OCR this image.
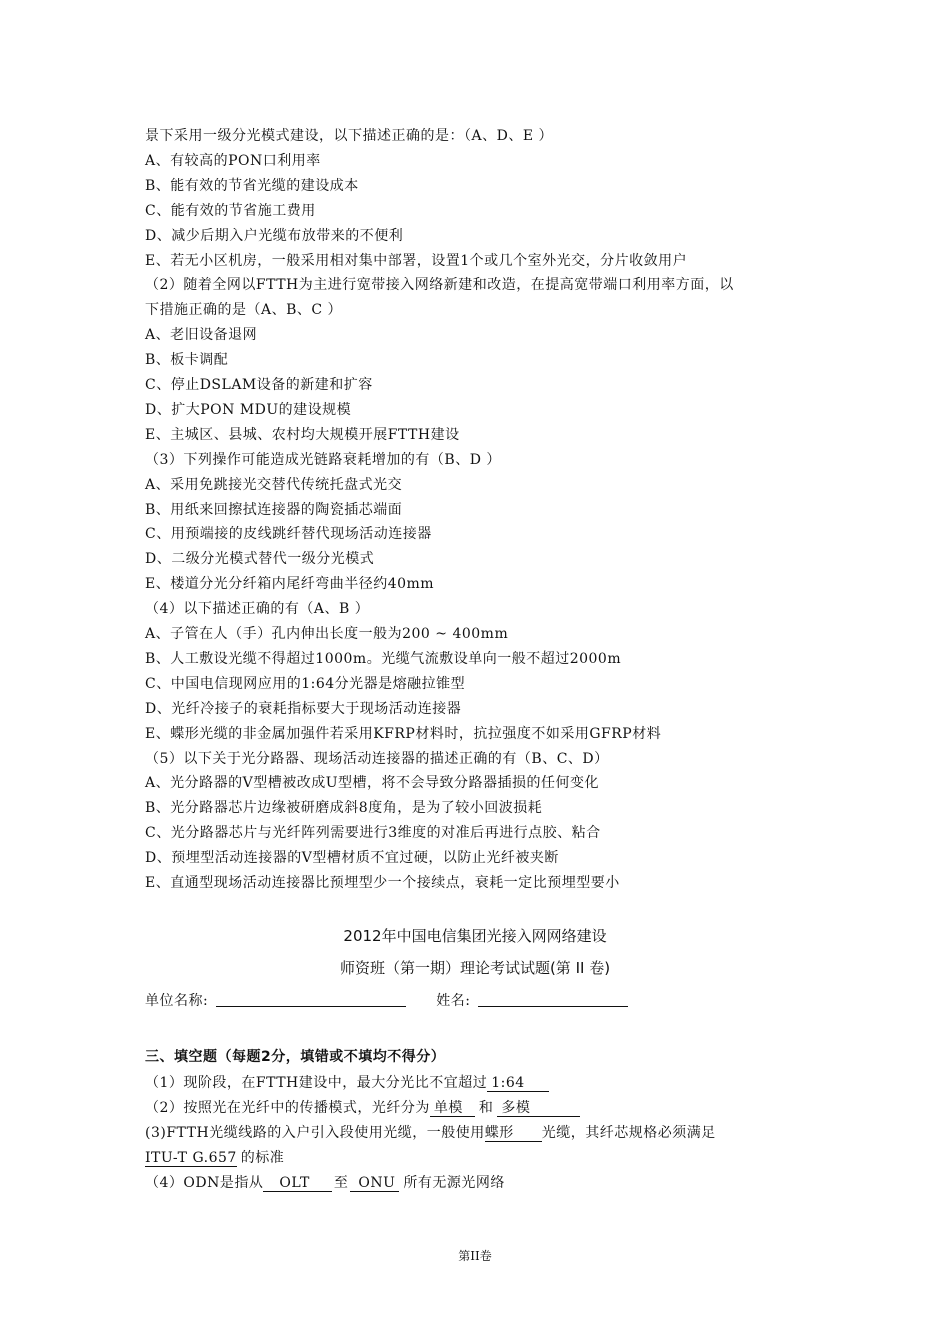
景下采用一级分光模式建设，以下描述正确的是：（A、D、E ）
A、有较高的PON口利用率
B、能有效的节省光缆的建设成本
C、能有效的节省施工费用
D、减少后期入户光缆布放带来的不便利
E、若无小区机房，一般采用相对集中部署，设置1个或几个室外光交，分片收敛用户
（2）随着全网以FTTH为主进行宽带接入网络新建和改造，在提高宽带端口利用率方面，以
下措施正确的是（A、B、C ）
A、老旧设备退网
B、板卡调配
C、停止DSLAM设备的新建和扩容
D、扩大PON MDU的建设规模
E、主城区、县城、农村均大规模开展FTTH建设
（3）下列操作可能造成光链路衰耗增加的有（B、D ）
A、采用免跳接光交替代传统托盘式光交
B、用纸来回擦拭连接器的陶瓷插芯端面
C、用预端接的皮线跳纤替代现场活动连接器
D、二级分光模式替代一级分光模式
E、楼道分光分纤箱内尾纤弯曲半径约40mm
（4）以下描述正确的有（A、B ）
A、子管在人（手）孔内伸出长度一般为200 ~ 400mm
B、人工敷设光缆不得超过1000m。光缆气流敷设单向一般不超过2000m
C、中国电信现网应用的1:64分光器是熔融拉锥型
D、光纤冷接子的衰耗指标要大于现场活动连接器
E、蝶形光缆的非金属加强件若采用KFRP材料时，抗拉强度不如采用GFRP材料
（5）以下关于光分路器、现场活动连接器的描述正确的有（B、C、D）
A、光分路器的V型槽被改成U型槽，将不会导致分路器插损的任何变化
B、光分路器芯片边缘被研磨成斜8度角，是为了较小回波损耗
C、光分路器芯片与光纤阵列需要进行3维度的对准后再进行点胶、粘合
D、预埋型活动连接器的V型槽材质不宜过硬，以防止光纤被夹断
E、直通型现场活动连接器比预埋型少一个接续点，衰耗一定比预埋型要小
2012年中国电信集团光接入网网络建设
师资班（第一期）理论考试试题(第 II 卷)
单位名称:	姓名:
三、填空题（每题2分，填错或不填均不得分）
（1）现阶段，在FTTH建设中，最大分光比不宜超过 1:64
（2）按照光在光纤中的传播模式，光纤分为 单模 和 多模
(3)FTTH光缆线路的入户引入段使用光缆，一般使用蝶形 光缆，其纤芯规格必须满足
ITU-T G.657 的标准
（4）ODN是指从 OLT 至 ONU 所有无源光网络
第II卷
